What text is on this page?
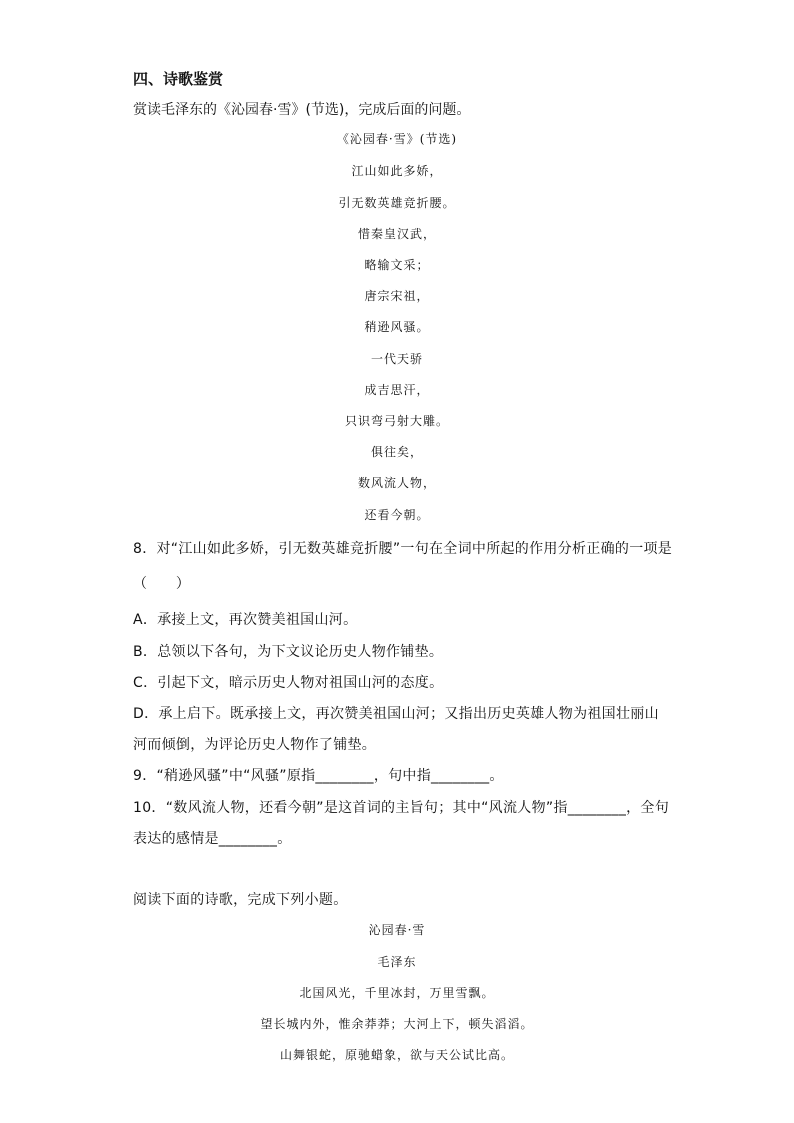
四、诗歌鉴赏
赏读毛泽东的《沁园春·雪》(节选)，完成后面的问题。
《沁园春·雪》(节选)
江山如此多娇，
引无数英雄竞折腰。
惜秦皇汉武，
略输文采；
唐宗宋祖，
稍逊风骚。
一代天骄
成吉思汗，
只识弯弓射大雕。
俱往矣，
数风流人物，
还看今朝。
8．对“江山如此多娇，引无数英雄竞折腰”一句在全词中所起的作用分析正确的一项是
（　　）
A．承接上文，再次赞美祖国山河。
B．总领以下各句，为下文议论历史人物作铺垫。
C．引起下文，暗示历史人物对祖国山河的态度。
D．承上启下。既承接上文，再次赞美祖国山河；又指出历史英雄人物为祖国壮丽山
河而倾倒，为评论历史人物作了铺垫。
9．“稍逊风骚”中“风骚”原指________，句中指________。
10．“数风流人物，还看今朝”是这首词的主旨句；其中“风流人物”指________，全句
表达的感情是________。
阅读下面的诗歌，完成下列小题。
沁园春·雪
毛泽东
北国风光，千里冰封，万里雪飘。
望长城内外，惟余莽莽；大河上下，顿失滔滔。
山舞银蛇，原驰蜡象，欲与天公试比高。
